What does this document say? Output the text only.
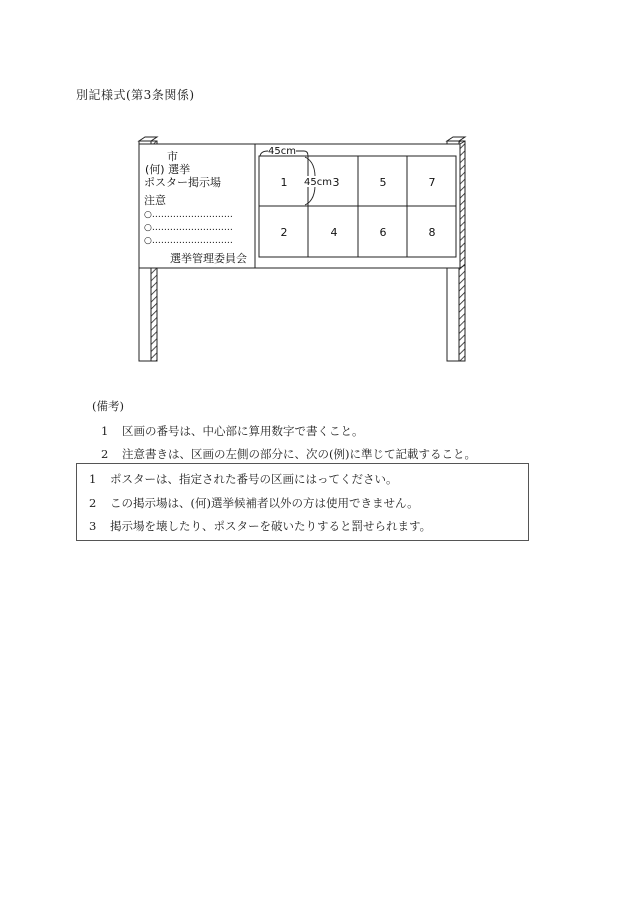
別記様式(第3条関係)
市
(何) 選挙
ポスター掲示場
注意
○………………………
○………………………
○………………………
選挙管理委員会
1	3	5	7
2	4	6	8
45cm
45cm
(備考)
1 区画の番号は、中心部に算用数字で書くこと。
2 注意書きは、区画の左側の部分に、次の(例)に準じて記載すること。
1 ポスターは、指定された番号の区画にはってください。
2 この掲示場は、(何)選挙候補者以外の方は使用できません。
3 掲示場を壊したり、ポスターを破いたりすると罰せられます。
